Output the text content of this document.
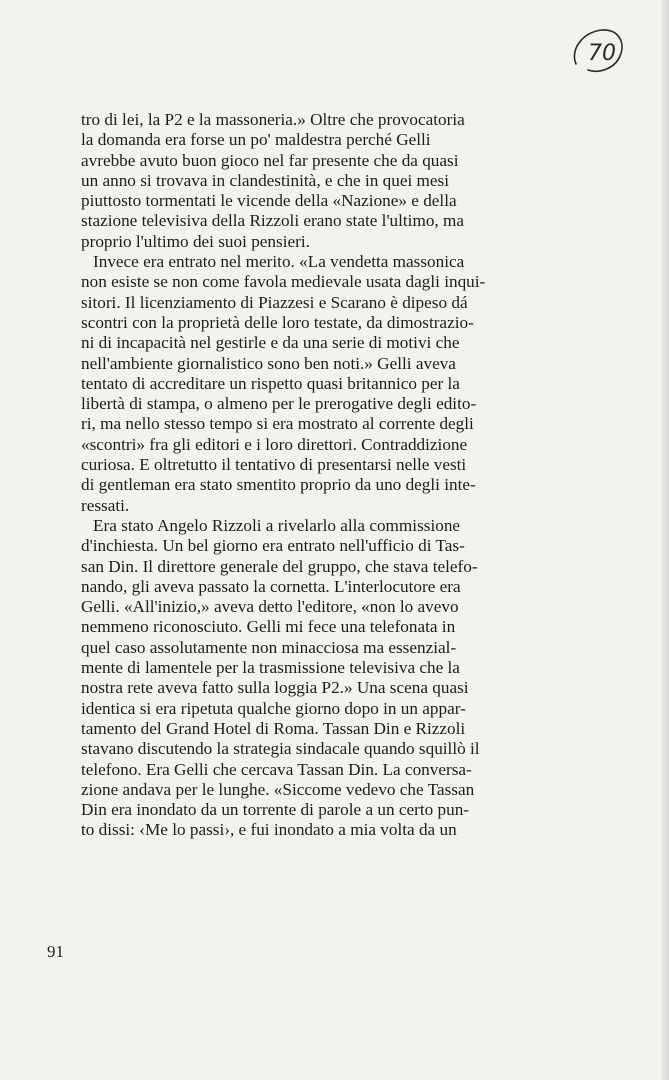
70

tro di lei, la P2 e la massoneria.» Oltre che provocatoria
la domanda era forse un po' maldestra perché Gelli
avrebbe avuto buon gioco nel far presente che da quasi
un anno si trovava in clandestinità, e che in quei mesi
piuttosto tormentati le vicende della «Nazione» e della
stazione televisiva della Rizzoli erano state l'ultimo, ma
proprio l'ultimo dei suoi pensieri.

Invece era entrato nel merito. «La vendetta massonica
non esiste se non come favola medievale usata dagli inqui-
sitori. Il licenziamento di Piazzesi e Scarano è dipeso dá
scontri con la proprietà delle loro testate, da dimostrazio-
ni di incapacità nel gestirle e da una serie di motivi che
nell'ambiente giornalistico sono ben noti.» Gelli aveva
tentato di accreditare un rispetto quasi britannico per la
libertà di stampa, o almeno per le prerogative degli edito-
ri, ma nello stesso tempo si era mostrato al corrente degli
«scontri» fra gli editori e i loro direttori. Contraddizione
curiosa. E oltretutto il tentativo di presentarsi nelle vesti
di gentleman era stato smentito proprio da uno degli inte-
ressati.

Era stato Angelo Rizzoli a rivelarlo alla commissione
d'inchiesta. Un bel giorno era entrato nell'ufficio di Tas-
san Din. Il direttore generale del gruppo, che stava telefo-
nando, gli aveva passato la cornetta. L'interlocutore era
Gelli. «All'inizio,» aveva detto l'editore, «non lo avevo
nemmeno riconosciuto. Gelli mi fece una telefonata in
quel caso assolutamente non minacciosa ma essenzial-
mente di lamentele per la trasmissione televisiva che la
nostra rete aveva fatto sulla loggia P2.» Una scena quasi
identica si era ripetuta qualche giorno dopo in un appar-
tamento del Grand Hotel di Roma. Tassan Din e Rizzoli
stavano discutendo la strategia sindacale quando squillò il
telefono. Era Gelli che cercava Tassan Din. La conversa-
zione andava per le lunghe. «Siccome vedevo che Tassan
Din era inondato da un torrente di parole a un certo pun-
to dissi: ‹Me lo passi›, e fui inondato a mia volta da un

91
